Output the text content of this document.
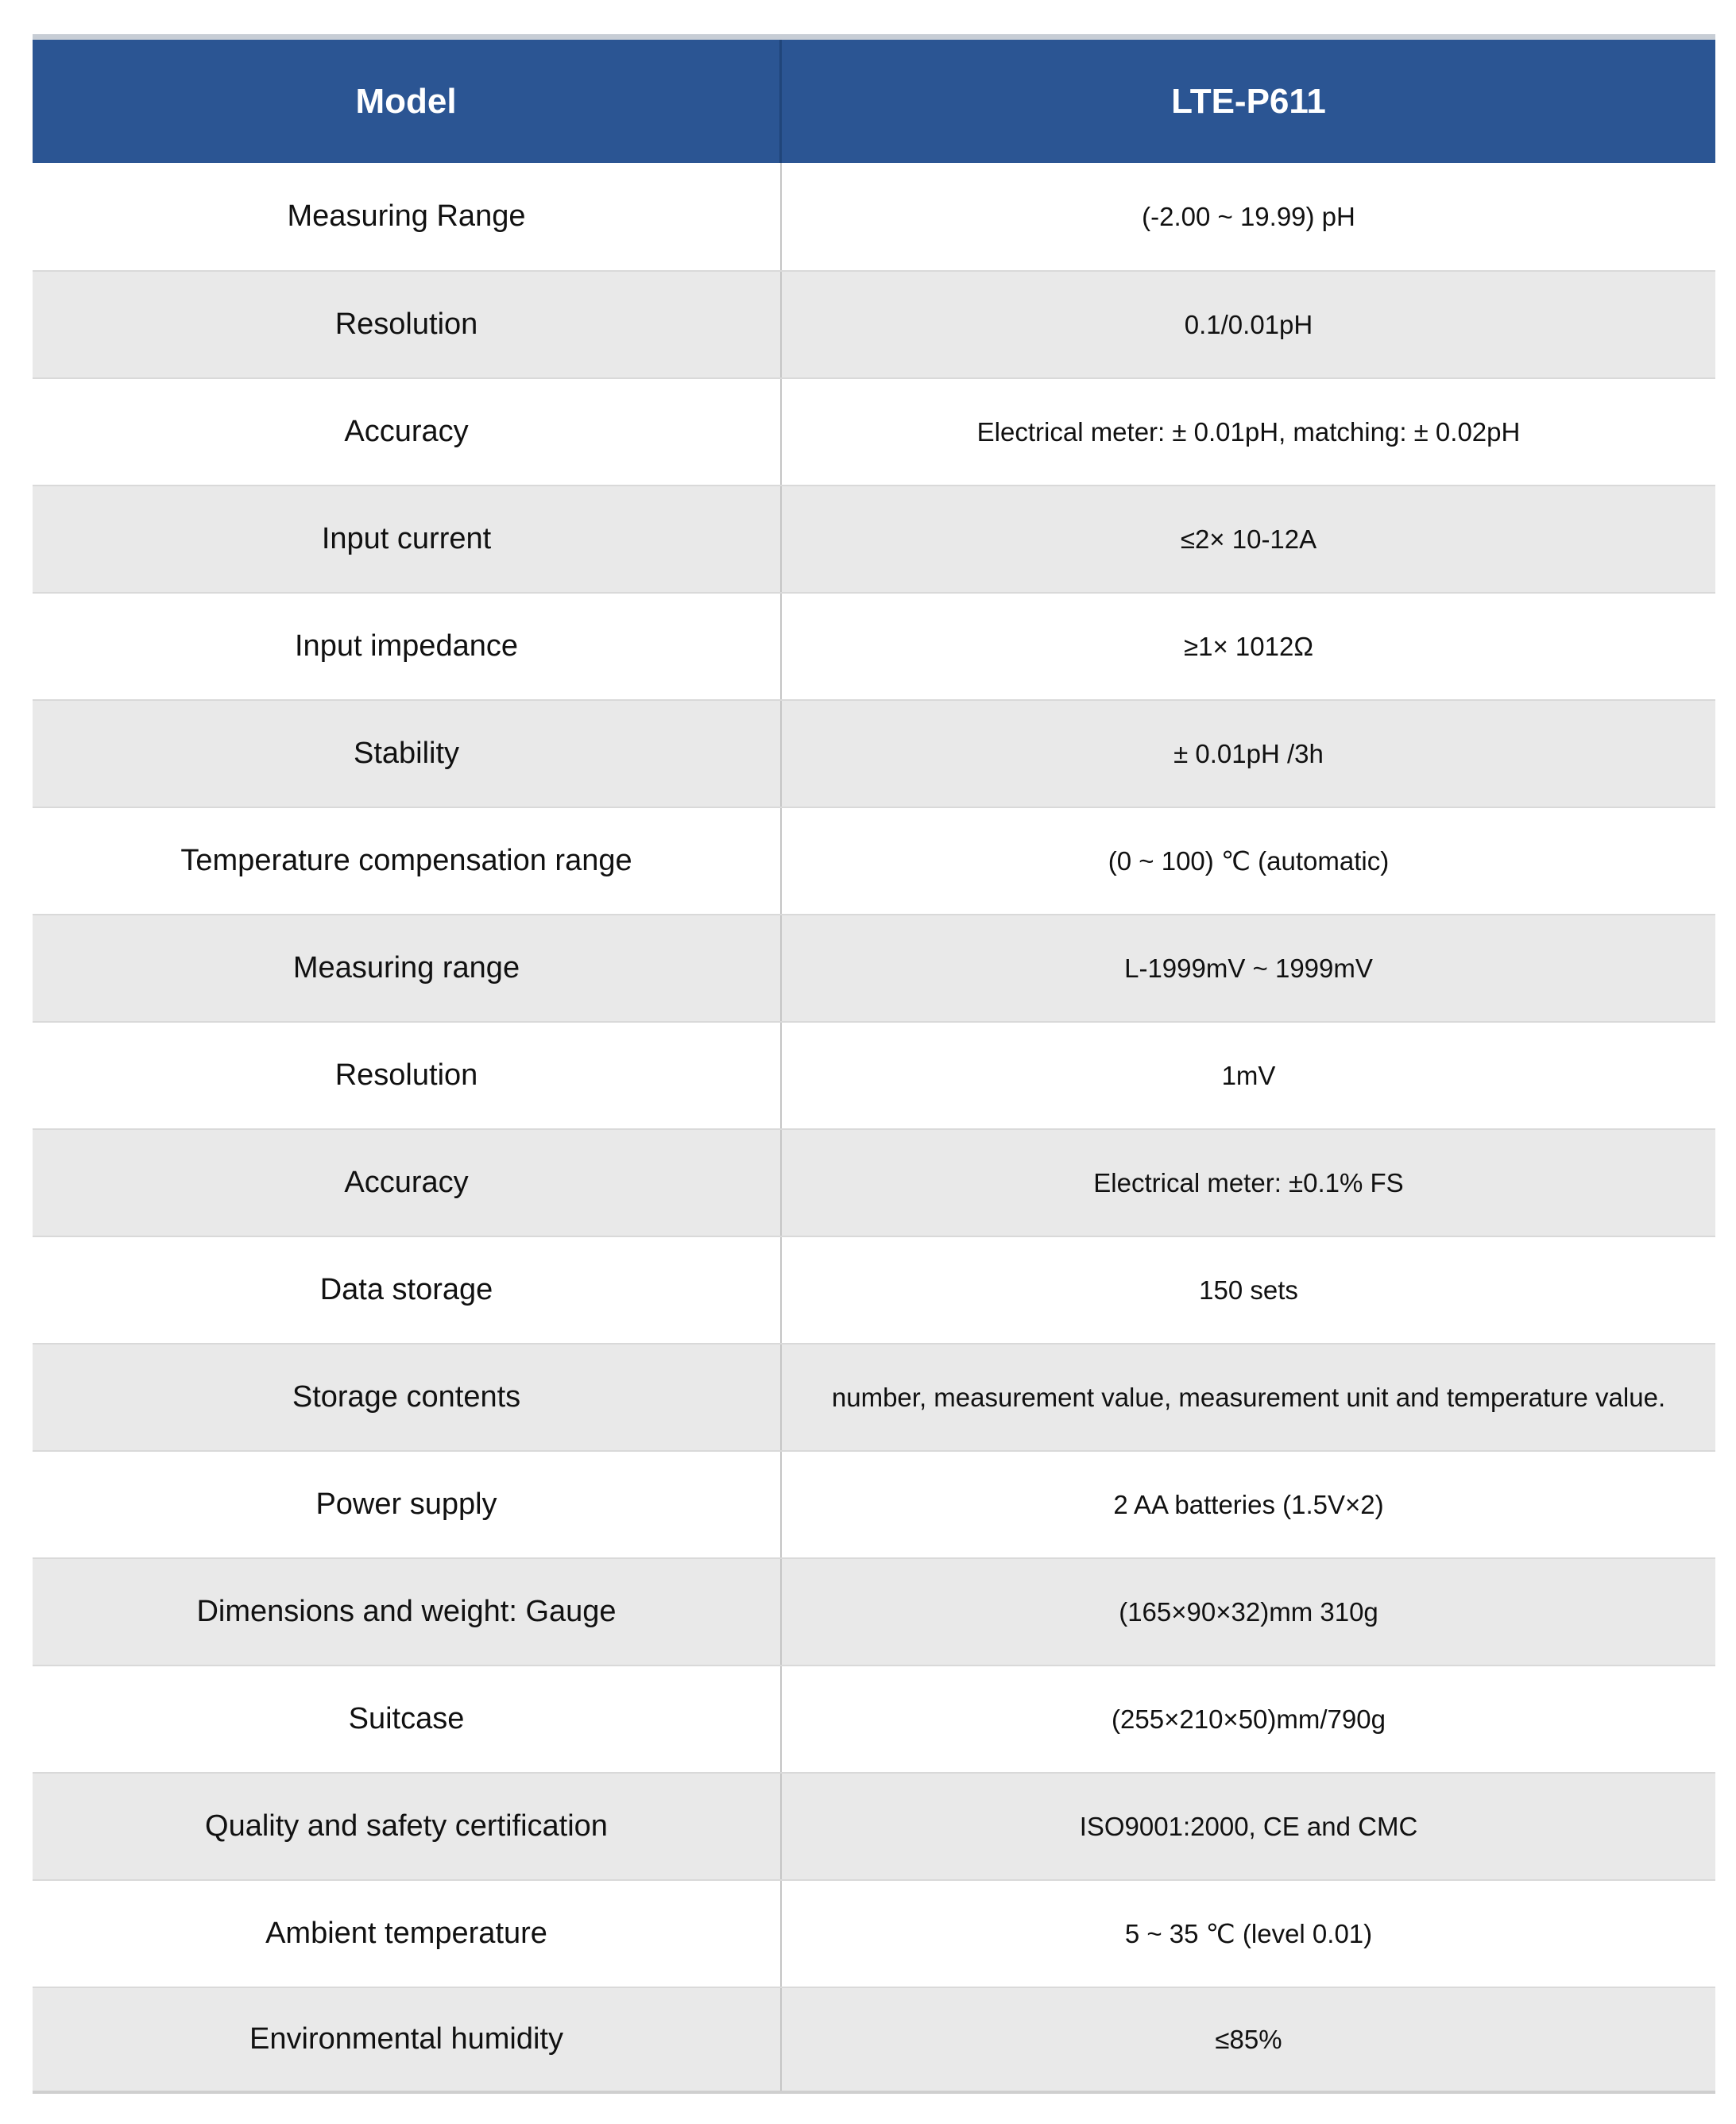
Model	LTE-P611
Measuring Range	(-2.00 ~ 19.99) pH
Resolution	0.1/0.01pH
Accuracy	Electrical meter: ± 0.01pH, matching: ± 0.02pH
Input current	≤2× 10-12A
Input impedance	≥1× 1012Ω
Stability	± 0.01pH /3h
Temperature compensation range	(0 ~ 100) ℃ (automatic)
Measuring range	L-1999mV ~ 1999mV
Resolution	1mV
Accuracy	Electrical meter: ±0.1% FS
Data storage	150 sets
Storage contents	number, measurement value, measurement unit and temperature value.
Power supply	2 AA batteries (1.5V×2)
Dimensions and weight: Gauge	(165×90×32)mm 310g
Suitcase	(255×210×50)mm/790g
Quality and safety certification	ISO9001:2000, CE and CMC
Ambient temperature	5 ~ 35 ℃ (level 0.01)
Environmental humidity	≤85%
